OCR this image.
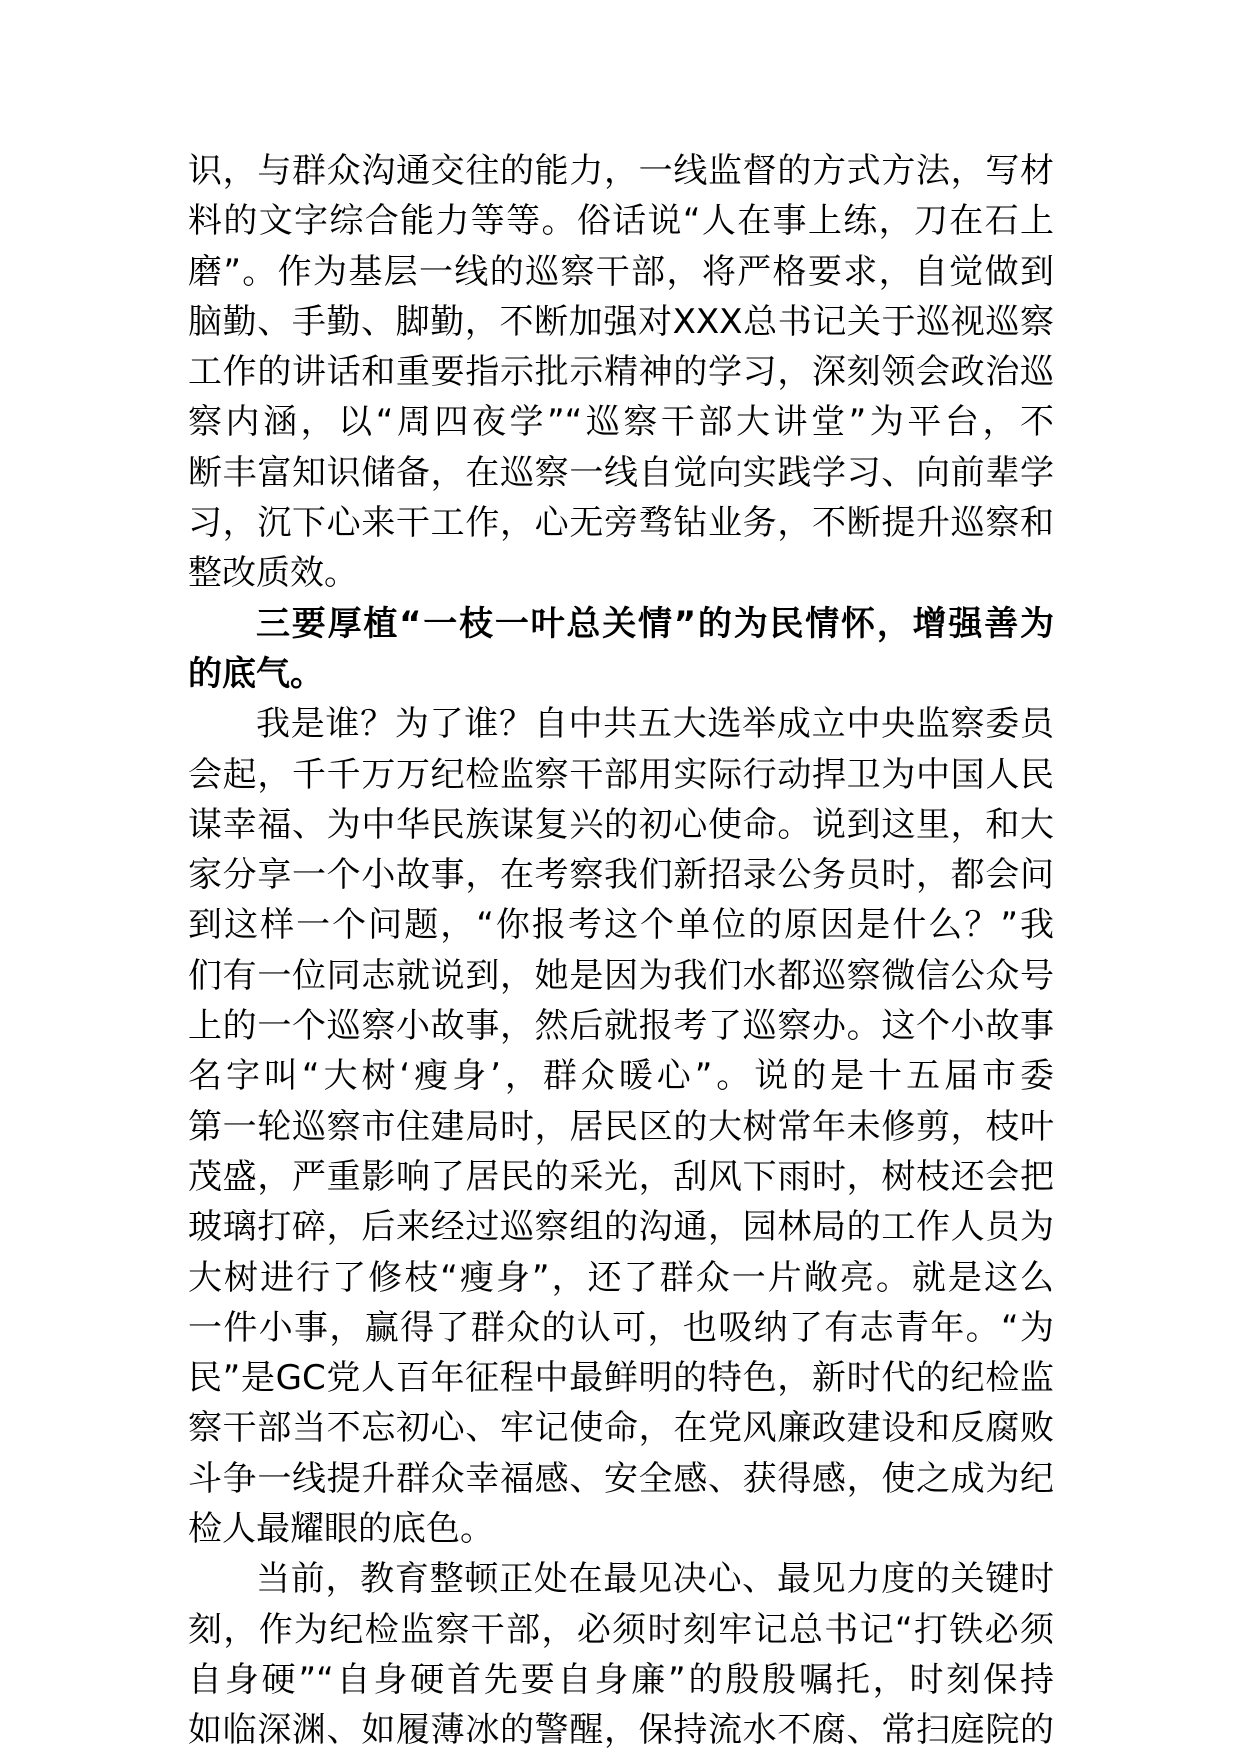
识，与群众沟通交往的能力，一线监督的方式方法，写材
料的文字综合能力等等。俗话说“人在事上练，刀在石上
磨”。作为基层一线的巡察干部，将严格要求，自觉做到
脑勤、手勤、脚勤，不断加强对XXX总书记关于巡视巡察
工作的讲话和重要指示批示精神的学习，深刻领会政治巡
察内涵，以“周四夜学”“巡察干部大讲堂”为平台，不
断丰富知识储备，在巡察一线自觉向实践学习、向前辈学
习，沉下心来干工作，心无旁骛钻业务，不断提升巡察和
整改质效。

三要厚植“一枝一叶总关情”的为民情怀，增强善为
的底气。

我是谁？为了谁？自中共五大选举成立中央监察委员
会起，千千万万纪检监察干部用实际行动捍卫为中国人民
谋幸福、为中华民族谋复兴的初心使命。说到这里，和大
家分享一个小故事，在考察我们新招录公务员时，都会问
到这样一个问题，“你报考这个单位的原因是什么？”我
们有一位同志就说到，她是因为我们水都巡察微信公众号
上的一个巡察小故事，然后就报考了巡察办。这个小故事
名字叫“大树‘瘦身’，群众暖心”。说的是十五届市委
第一轮巡察市住建局时，居民区的大树常年未修剪，枝叶
茂盛，严重影响了居民的采光，刮风下雨时，树枝还会把
玻璃打碎，后来经过巡察组的沟通，园林局的工作人员为
大树进行了修枝“瘦身”，还了群众一片敞亮。就是这么
一件小事，赢得了群众的认可，也吸纳了有志青年。“为
民”是GC党人百年征程中最鲜明的特色，新时代的纪检监
察干部当不忘初心、牢记使命，在党风廉政建设和反腐败
斗争一线提升群众幸福感、安全感、获得感，使之成为纪
检人最耀眼的底色。

当前，教育整顿正处在最见决心、最见力度的关键时
刻，作为纪检监察干部，必须时刻牢记总书记“打铁必须
自身硬”“自身硬首先要自身廉”的殷殷嘱托，时刻保持
如临深渊、如履薄冰的警醒，保持流水不腐、常扫庭院的
